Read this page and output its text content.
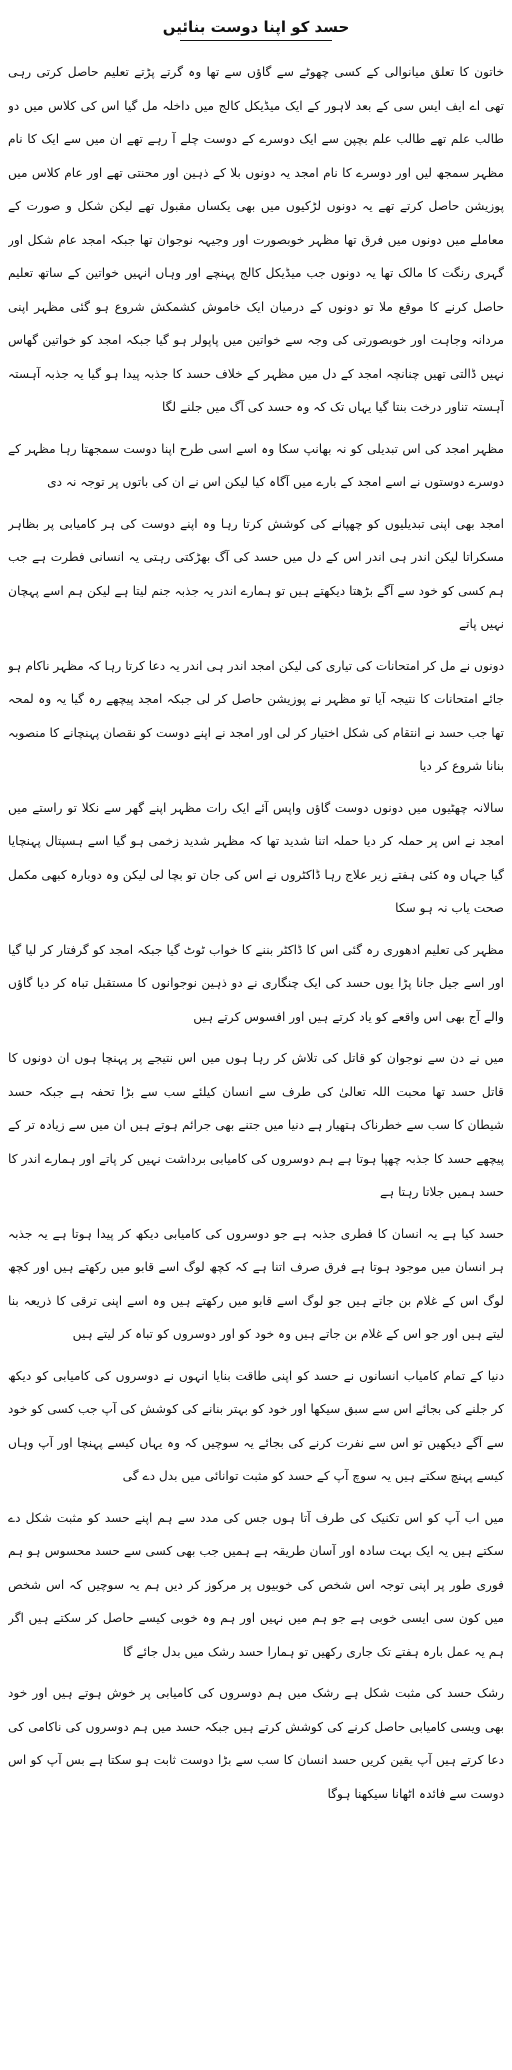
حسد کو اپنا دوست بنائیں

خاتون کا تعلق میانوالی کے کسی چھوٹے سے گاؤں سے تھا وہ گرتے پڑتے تعلیم حاصل کرتی رہی تھی اے ایف ایس سی کے بعد لاہور کے ایک میڈیکل کالج میں داخلہ مل گیا اس کی کلاس میں دو طالب علم تھے طالب علم بچپن سے ایک دوسرے کے دوست چلے آ رہے تھے ان میں سے ایک کا نام مظہر سمجھ لیں اور دوسرے کا نام امجد یہ دونوں بلا کے ذہین اور محنتی تھے اور عام کلاس میں پوزیشن حاصل کرتے تھے یہ دونوں لڑکیوں میں بھی یکساں مقبول تھے لیکن شکل و صورت کے معاملے میں دونوں میں فرق تھا مظہر خوبصورت اور وجیہہ نوجوان تھا جبکہ امجد عام شکل اور گہری رنگت کا مالک تھا یہ دونوں جب میڈیکل کالج پہنچے اور وہاں انہیں خواتین کے ساتھ تعلیم حاصل کرنے کا موقع ملا تو دونوں کے درمیان ایک خاموش کشمکش شروع ہو گئی مظہر اپنی مردانہ وجاہت اور خوبصورتی کی وجہ سے خواتین میں پاپولر ہو گیا جبکہ امجد کو خواتین گھاس نہیں ڈالتی تھیں چنانچہ امجد کے دل میں مظہر کے خلاف حسد کا جذبہ پیدا ہو گیا یہ جذبہ آہستہ آہستہ تناور درخت بنتا گیا یہاں تک کہ وہ حسد کی آگ میں جلنے لگا

مظہر امجد کی اس تبدیلی کو نہ بھانپ سکا وہ اسے اسی طرح اپنا دوست سمجھتا رہا مظہر کے دوسرے دوستوں نے اسے امجد کے بارے میں آگاہ کیا لیکن اس نے ان کی باتوں پر توجہ نہ دی

امجد بھی اپنی تبدیلیوں کو چھپانے کی کوشش کرتا رہا وہ اپنے دوست کی ہر کامیابی پر بظاہر مسکراتا لیکن اندر ہی اندر اس کے دل میں حسد کی آگ بھڑکتی رہتی یہ انسانی فطرت ہے جب ہم کسی کو خود سے آگے بڑھتا دیکھتے ہیں تو ہمارے اندر یہ جذبہ جنم لیتا ہے لیکن ہم اسے پہچان نہیں پاتے

دونوں نے مل کر امتحانات کی تیاری کی لیکن امجد اندر ہی اندر یہ دعا کرتا رہا کہ مظہر ناکام ہو جائے امتحانات کا نتیجہ آیا تو مظہر نے پوزیشن حاصل کر لی جبکہ امجد پیچھے رہ گیا یہ وہ لمحہ تھا جب حسد نے انتقام کی شکل اختیار کر لی اور امجد نے اپنے دوست کو نقصان پہنچانے کا منصوبہ بنانا شروع کر دیا

سالانہ چھٹیوں میں دونوں دوست گاؤں واپس آئے ایک رات مظہر اپنے گھر سے نکلا تو راستے میں امجد نے اس پر حملہ کر دیا حملہ اتنا شدید تھا کہ مظہر شدید زخمی ہو گیا اسے ہسپتال پہنچایا گیا جہاں وہ کئی ہفتے زیر علاج رہا ڈاکٹروں نے اس کی جان تو بچا لی لیکن وہ دوبارہ کبھی مکمل صحت یاب نہ ہو سکا

مظہر کی تعلیم ادھوری رہ گئی اس کا ڈاکٹر بننے کا خواب ٹوٹ گیا جبکہ امجد کو گرفتار کر لیا گیا اور اسے جیل جانا پڑا یوں حسد کی ایک چنگاری نے دو ذہین نوجوانوں کا مستقبل تباہ کر دیا گاؤں والے آج بھی اس واقعے کو یاد کرتے ہیں اور افسوس کرتے ہیں

میں نے دن سے نوجوان کو قاتل کی تلاش کر رہا ہوں میں اس نتیجے پر پہنچا ہوں ان دونوں کا قاتل حسد تھا محبت اللہ تعالیٰ کی طرف سے انسان کیلئے سب سے بڑا تحفہ ہے جبکہ حسد شیطان کا سب سے خطرناک ہتھیار ہے دنیا میں جتنے بھی جرائم ہوتے ہیں ان میں سے زیادہ تر کے پیچھے حسد کا جذبہ چھپا ہوتا ہے ہم دوسروں کی کامیابی برداشت نہیں کر پاتے اور ہمارے اندر کا حسد ہمیں جلاتا رہتا ہے

حسد کیا ہے یہ انسان کا فطری جذبہ ہے جو دوسروں کی کامیابی دیکھ کر پیدا ہوتا ہے یہ جذبہ ہر انسان میں موجود ہوتا ہے فرق صرف اتنا ہے کہ کچھ لوگ اسے قابو میں رکھتے ہیں اور کچھ لوگ اس کے غلام بن جاتے ہیں جو لوگ اسے قابو میں رکھتے ہیں وہ اسے اپنی ترقی کا ذریعہ بنا لیتے ہیں اور جو اس کے غلام بن جاتے ہیں وہ خود کو اور دوسروں کو تباہ کر لیتے ہیں

دنیا کے تمام کامیاب انسانوں نے حسد کو اپنی طاقت بنایا انہوں نے دوسروں کی کامیابی کو دیکھ کر جلنے کی بجائے اس سے سبق سیکھا اور خود کو بہتر بنانے کی کوشش کی آپ جب کسی کو خود سے آگے دیکھیں تو اس سے نفرت کرنے کی بجائے یہ سوچیں کہ وہ یہاں کیسے پہنچا اور آپ وہاں کیسے پہنچ سکتے ہیں یہ سوچ آپ کے حسد کو مثبت توانائی میں بدل دے گی

میں اب آپ کو اس تکنیک کی طرف آتا ہوں جس کی مدد سے ہم اپنے حسد کو مثبت شکل دے سکتے ہیں یہ ایک بہت سادہ اور آسان طریقہ ہے ہمیں جب بھی کسی سے حسد محسوس ہو ہم فوری طور پر اپنی توجہ اس شخص کی خوبیوں پر مرکوز کر دیں ہم یہ سوچیں کہ اس شخص میں کون سی ایسی خوبی ہے جو ہم میں نہیں اور ہم وہ خوبی کیسے حاصل کر سکتے ہیں اگر ہم یہ عمل بارہ ہفتے تک جاری رکھیں تو ہمارا حسد رشک میں بدل جائے گا

رشک حسد کی مثبت شکل ہے رشک میں ہم دوسروں کی کامیابی پر خوش ہوتے ہیں اور خود بھی ویسی کامیابی حاصل کرنے کی کوشش کرتے ہیں جبکہ حسد میں ہم دوسروں کی ناکامی کی دعا کرتے ہیں آپ یقین کریں حسد انسان کا سب سے بڑا دوست ثابت ہو سکتا ہے بس آپ کو اس دوست سے فائدہ اٹھانا سیکھنا ہوگا
